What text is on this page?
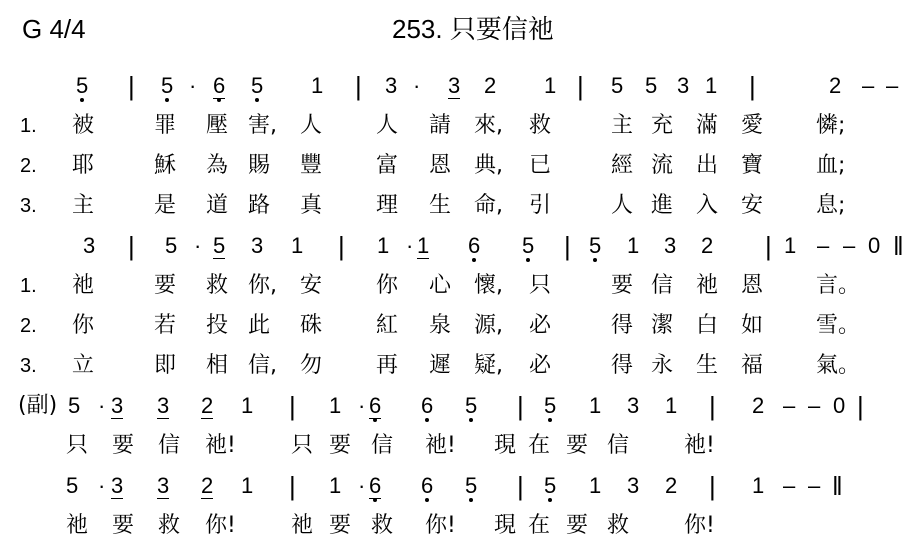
G 4/4	253. 只要信祂
5 | 5 · 6 5 1 | 3 · 3 2 1 | 5 5 3 1 |	2 – –
1. 被	罪 壓 害, 人 人 請 來, 救	主 充 滿 愛 憐;
2. 耶	穌 為 賜 豐 富 恩 典, 已	經 流 出 寶 血;
3. 主	是 道 路 真 理 生 命, 引	人 進 入 安 息;
3 | 5 · 5 3 1 | 1 · 1 6 5 | 5 1 3 2 | 1 – – 0 ‖
1. 祂	要 救 你, 安 你 心 懷, 只	要 信 祂 恩 言。
2. 你	若 投 此 硃 紅 泉 源, 必	得 潔 白 如 雪。
3. 立	即 相 信, 勿 再 遲 疑, 必	得 永 生 福 氣。
(副) 5 · 3 3 2 1 | 1 · 6 6 5 | 5 1 3 1 | 2 – – 0 |
只 要 信 祂!	只 要 信 祂! 現 在 要 信 祂!
5 · 3 3 2 1 | 1 · 6 6 5 | 5 1 3 2 | 1 – – ‖
祂 要 救 你!	祂 要 救 你! 現 在 要 救 你!
